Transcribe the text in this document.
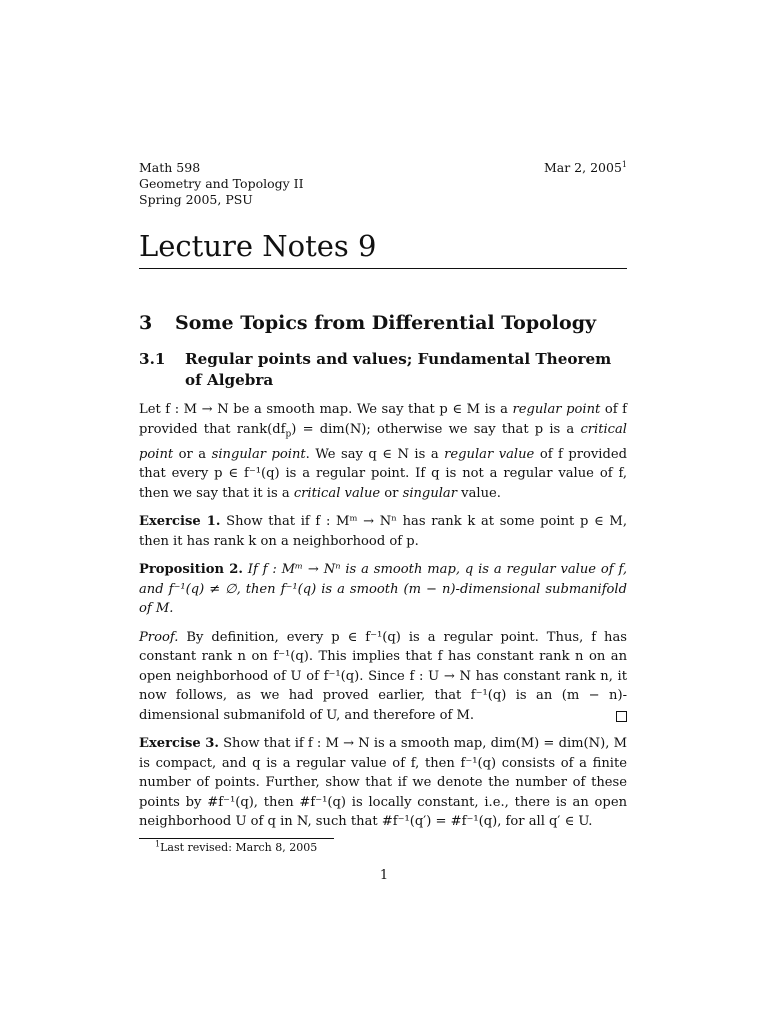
Math 598
Geometry and Topology II
Spring 2005, PSU
Mar 2, 2005$^1$
Lecture Notes 9
3	Some Topics from Differential Topology
3.1	Regular points and values; Fundamental Theorem of Algebra

Let f : M → N be a smooth map. We say that p ∈ M is a regular point of f provided that $rank(df_p) = dim(N)$; otherwise we say that p is a critical point or a singular point. We say q ∈ N is a regular value of f provided that every p ∈ f⁻¹(q) is a regular point. If q is not a regular value of f, then we say that it is a critical value or singular value.

Exercise 1. Show that if f : Mᵐ → Nⁿ has rank k at some point p ∈ M, then it has rank k on a neighborhood of p.

Proposition 2. If f : Mᵐ → Nⁿ is a smooth map, q is a regular value of f, and f⁻¹(q) ≠ ∅, then f⁻¹(q) is a smooth (m − n)-dimensional submanifold of M.

Proof. By definition, every p ∈ f⁻¹(q) is a regular point. Thus, f has constant rank n on f⁻¹(q). This implies that f has constant rank n on an open neighborhood of U of f⁻¹(q). Since f : U → N has constant rank n, it now follows, as we had proved earlier, that f⁻¹(q) is an (m − n)-dimensional submanifold of U, and therefore of M.

Exercise 3. Show that if f : M → N is a smooth map, dim(M) = dim(N), M is compact, and q is a regular value of f, then f⁻¹(q) consists of a finite number of points. Further, show that if we denote the number of these points by #f⁻¹(q), then #f⁻¹(q) is locally constant, i.e., there is an open neighborhood U of q in N, such that #f⁻¹(q′) = #f⁻¹(q), for all q′ ∈ U.

$^1$Last revised: March 8, 2005
1
